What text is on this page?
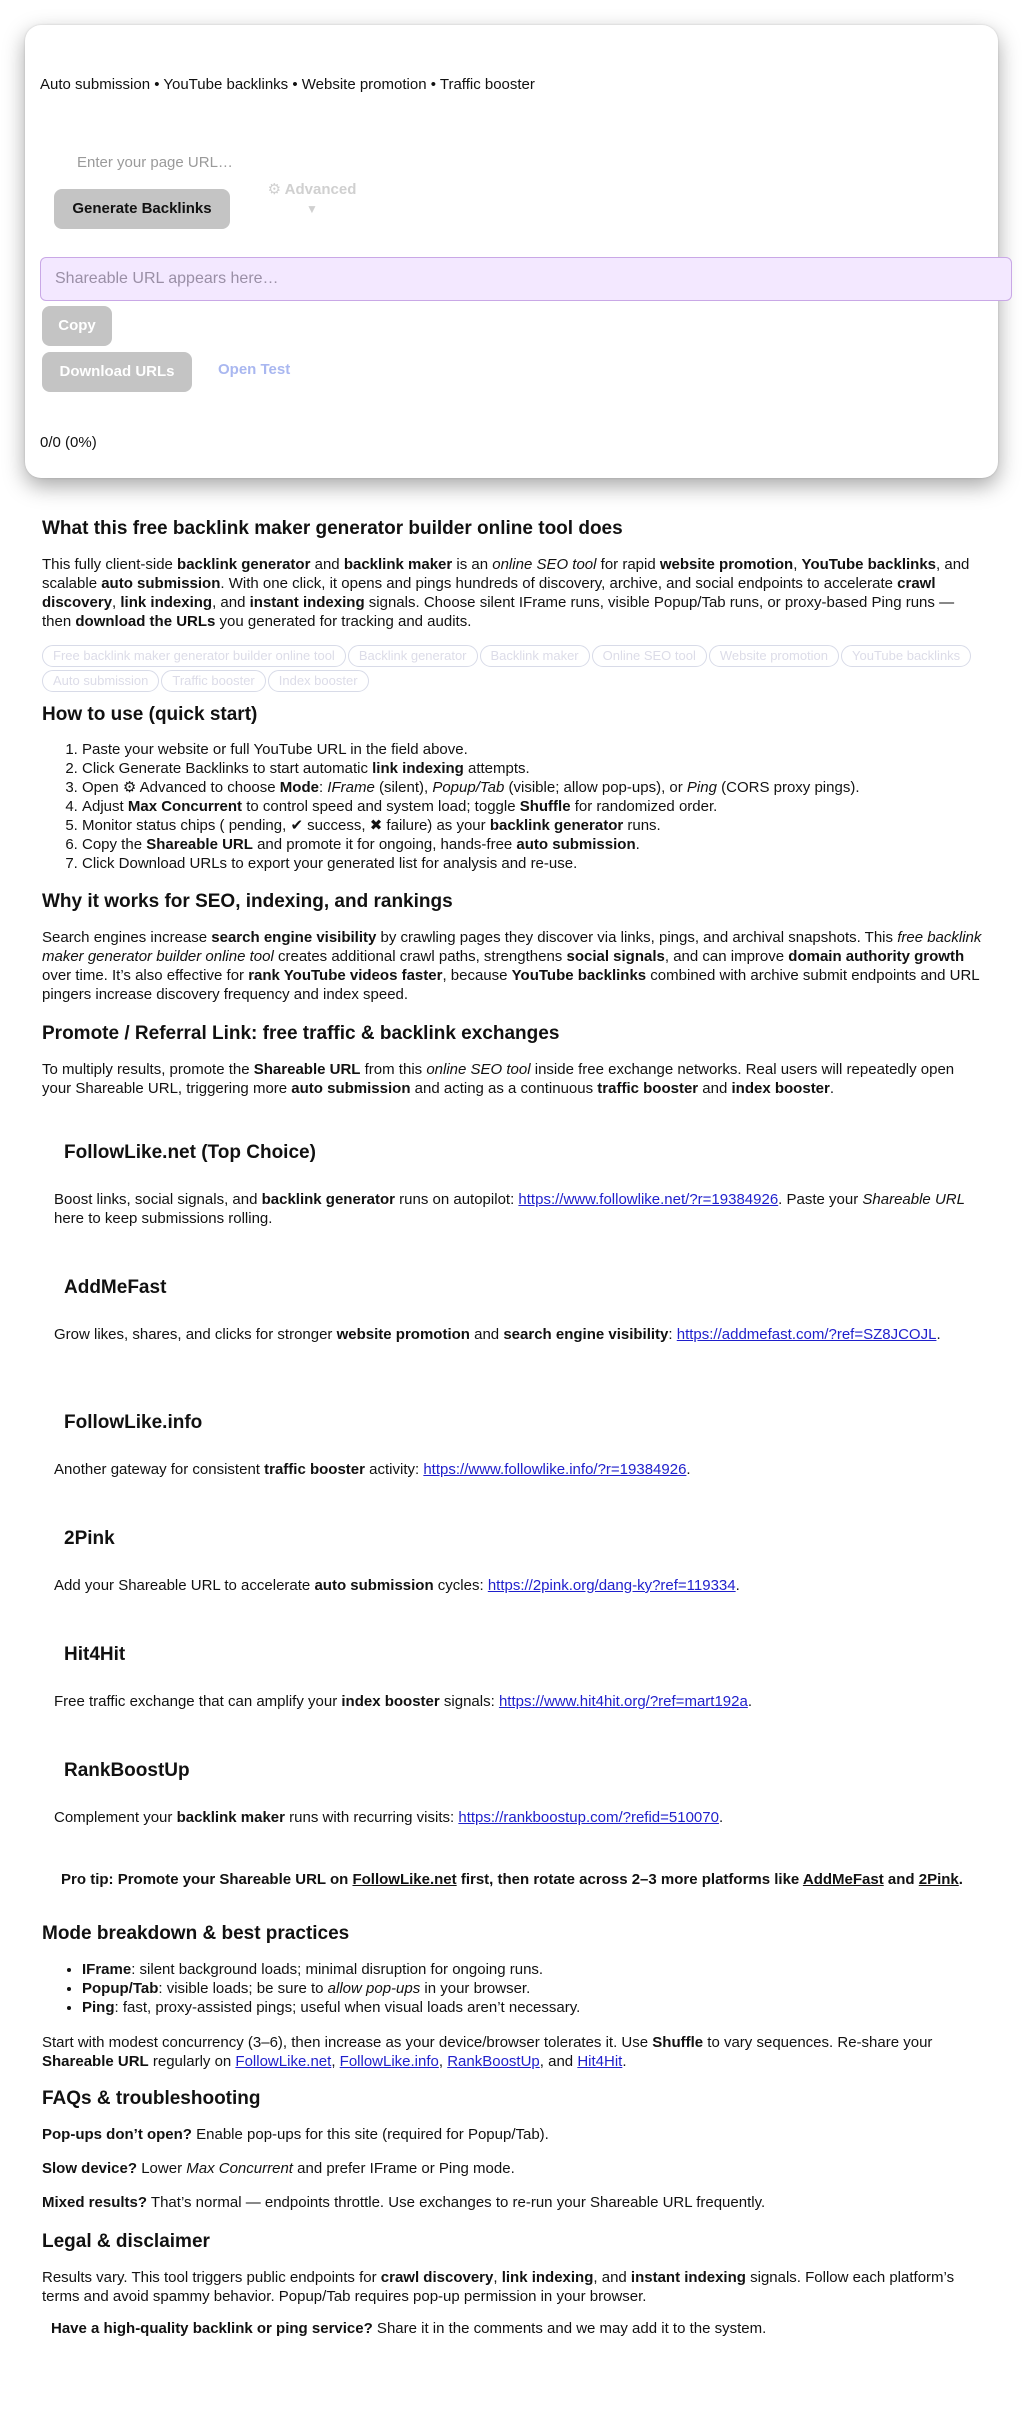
Auto submission • YouTube backlinks • Website promotion • Traffic booster
Enter your page URL…
Generate Backlinks
⚙ Advanced
▼
Shareable URL appears here…
Copy
Download URLs	Open Test
0/0 (0%)
What this free backlink maker generator builder online tool does
This fully client-side backlink generator and backlink maker is an online SEO tool for rapid website promotion, YouTube backlinks, and scalable auto submission. With one click, it opens and pings hundreds of discovery, archive, and social endpoints to accelerate crawl discovery, link indexing, and instant indexing signals. Choose silent IFrame runs, visible Popup/Tab runs, or proxy-based Ping runs — then download the URLs you generated for tracking and audits.
Free backlink maker generator builder online tool Backlink generator Backlink maker Online SEO tool Website promotion YouTube backlinksAuto submission Traffic booster Index booster
How to use (quick start)
1. Paste your website or full YouTube URL in the field above.
2. Click Generate Backlinks to start automatic link indexing attempts.
3. Open ⚙ Advanced to choose Mode: IFrame (silent), Popup/Tab (visible; allow pop-ups), or Ping (CORS proxy pings).
4. Adjust Max Concurrent to control speed and system load; toggle Shuffle for randomized order.
5. Monitor status chips ( pending, ✔ success, ✖ failure) as your backlink generator runs.
6. Copy the Shareable URL and promote it for ongoing, hands-free auto submission.
7. Click Download URLs to export your generated list for analysis and re-use.
Why it works for SEO, indexing, and rankings
Search engines increase search engine visibility by crawling pages they discover via links, pings, and archival snapshots. This free backlink maker generator builder online tool creates additional crawl paths, strengthens social signals, and can improve domain authority growth over time. It’s also effective for rank YouTube videos faster, because YouTube backlinks combined with archive submit endpoints and URL pingers increase discovery frequency and index speed.
Promote / Referral Link: free traffic & backlink exchanges
To multiply results, promote the Shareable URL from this online SEO tool inside free exchange networks. Real users will repeatedly open your Shareable URL, triggering more auto submission and acting as a continuous traffic booster and index booster.
FollowLike.net (Top Choice)
Boost links, social signals, and backlink generator runs on autopilot: https://www.followlike.net/?r=19384926. Paste your Shareable URL here to keep submissions rolling.
AddMeFast
Grow likes, shares, and clicks for stronger website promotion and search engine visibility: https://addmefast.com/?ref=SZ8JCOJL.
FollowLike.info
Another gateway for consistent traffic booster activity: https://www.followlike.info/?r=19384926.
2Pink
Add your Shareable URL to accelerate auto submission cycles: https://2pink.org/dang-ky?ref=119334.
Hit4Hit
Free traffic exchange that can amplify your index booster signals: https://www.hit4hit.org/?ref=mart192a.
RankBoostUp
Complement your backlink maker runs with recurring visits: https://rankboostup.com/?refid=510070.
Pro tip: Promote your Shareable URL on FollowLike.net first, then rotate across 2–3 more platforms like AddMeFast and 2Pink.
Mode breakdown & best practices
• IFrame: silent background loads; minimal disruption for ongoing runs.
• Popup/Tab: visible loads; be sure to allow pop-ups in your browser.
• Ping: fast, proxy-assisted pings; useful when visual loads aren’t necessary.
Start with modest concurrency (3–6), then increase as your device/browser tolerates it. Use Shuffle to vary sequences. Re-share your Shareable URL regularly on FollowLike.net, FollowLike.info, RankBoostUp, and Hit4Hit.
FAQs & troubleshooting
Pop-ups don’t open? Enable pop-ups for this site (required for Popup/Tab).
Slow device? Lower Max Concurrent and prefer IFrame or Ping mode.
Mixed results? That’s normal — endpoints throttle. Use exchanges to re-run your Shareable URL frequently.
Legal & disclaimer
Results vary. This tool triggers public endpoints for crawl discovery, link indexing, and instant indexing signals. Follow each platform’s terms and avoid spammy behavior. Popup/Tab requires pop-up permission in your browser.
Have a high-quality backlink or ping service? Share it in the comments and we may add it to the system.
